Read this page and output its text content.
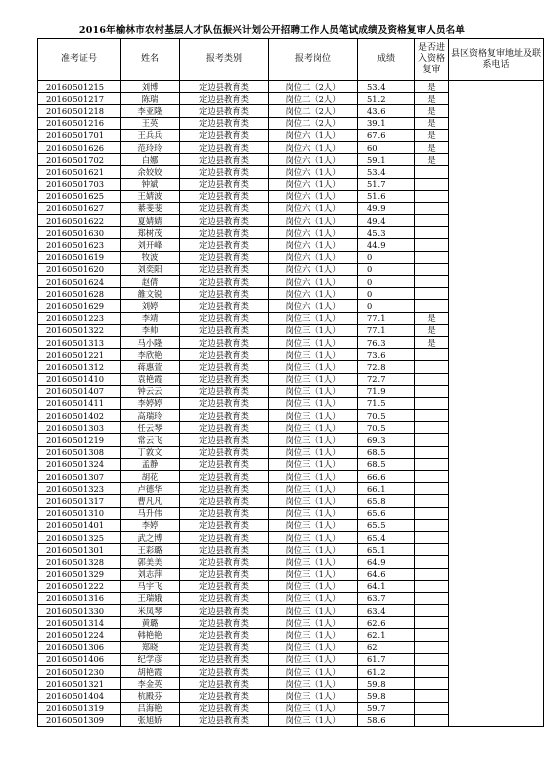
2016年榆林市农村基层人才队伍振兴计划公开招聘工作人员笔试成绩及资格复审人员名单
准考证号	姓名	报考类别	报考岗位	成绩	是否进入资格复审	县区资格复审地址及联系电话
20160501215	刘博	定边县教育类	岗位二（2人）	53.4	是	
20160501217	陈瑞	定边县教育类	岗位二（2人）	51.2	是	
20160501218	李亚隆	定边县教育类	岗位二（2人）	43.6	是	
20160501216	王英	定边县教育类	岗位二（2人）	39.1	是	
20160501701	王兵兵	定边县教育类	岗位六（1人）	67.6	是	
20160501626	范玲玲	定边县教育类	岗位六（1人）	60	是	
20160501702	白娜	定边县教育类	岗位六（1人）	59.1	是	
20160501621	余姣姣	定边县教育类	岗位六（1人）	53.4		
20160501703	钟斌	定边县教育类	岗位六（1人）	51.7		
20160501625	王婧波	定边县教育类	岗位六（1人）	51.6		
20160501627	綦斐斐	定边县教育类	岗位六（1人）	49.9		
20160501622	夏婧婧	定边县教育类	岗位六（1人）	49.4		
20160501630	郑树茂	定边县教育类	岗位六（1人）	45.3		
20160501623	刘开峰	定边县教育类	岗位六（1人）	44.9		
20160501619	牧波	定边县教育类	岗位六（1人）	0		
20160501620	刘奕阳	定边县教育类	岗位六（1人）	0		
20160501624	赵倩	定边县教育类	岗位六（1人）	0		
20160501628	雒文锐	定边县教育类	岗位六（1人）	0		
20160501629	刘婷	定边县教育类	岗位六（1人）	0		
20160501223	李靖	定边县教育类	岗位三（1人）	77.1	是	
20160501322	李帅	定边县教育类	岗位三（1人）	77.1	是	
20160501313	马小隆	定边县教育类	岗位三（1人）	76.3	是	
20160501221	李欣艳	定边县教育类	岗位三（1人）	73.6		
20160501312	蒋惠萱	定边县教育类	岗位三（1人）	72.8		
20160501410	袁艳霞	定边县教育类	岗位三（1人）	72.7		
20160501407	钟云云	定边县教育类	岗位三（1人）	71.9		
20160501411	李婷婷	定边县教育类	岗位三（1人）	71.5		
20160501402	高瑞玲	定边县教育类	岗位三（1人）	70.5		
20160501303	任云琴	定边县教育类	岗位三（1人）	70.5		
20160501219	常云飞	定边县教育类	岗位三（1人）	69.3		
20160501308	丁敦文	定边县教育类	岗位三（1人）	68.5		
20160501324	孟静	定边县教育类	岗位三（1人）	68.5		
20160501307	胡花	定边县教育类	岗位三（1人）	66.6		
20160501323	卢德华	定边县教育类	岗位三（1人）	66.1		
20160501317	曹凡凡	定边县教育类	岗位三（1人）	65.8		
20160501310	马升伟	定边县教育类	岗位三（1人）	65.6		
20160501401	李婷	定边县教育类	岗位三（1人）	65.5		
20160501325	武之博	定边县教育类	岗位三（1人）	65.4		
20160501301	王彩璐	定边县教育类	岗位三（1人）	65.1		
20160501328	郭美美	定边县教育类	岗位三（1人）	64.9		
20160501329	刘志萍	定边县教育类	岗位三（1人）	64.6		
20160501222	马宇飞	定边县教育类	岗位三（1人）	64.1		
20160501316	王瑞娥	定边县教育类	岗位三（1人）	63.7		
20160501330	米凤琴	定边县教育类	岗位三（1人）	63.4		
20160501314	黄璐	定边县教育类	岗位三（1人）	62.6		
20160501224	韩艳艳	定边县教育类	岗位三（1人）	62.1		
20160501306	郑晓	定边县教育类	岗位三（1人）	62		
20160501406	纪学彦	定边县教育类	岗位三（1人）	61.7		
20160501230	胡艳霞	定边县教育类	岗位三（1人）	61.2		
20160501321	李金英	定边县教育类	岗位三（1人）	59.8		
20160501404	杭殿芬	定边县教育类	岗位三（1人）	59.8		
20160501319	吕海艳	定边县教育类	岗位三（1人）	59.7		
20160501309	张旭娇	定边县教育类	岗位三（1人）	58.6		
